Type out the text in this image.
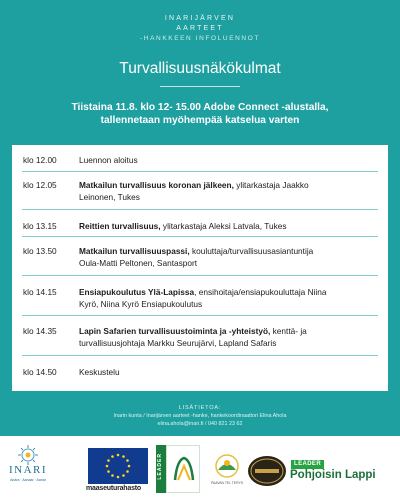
INARIJÄRVEN
AARTEET
-HANKKEEN INFOLUENNOT
Turvallisuusnäkökulmat
Tiistaina 11.8. klo 12- 15.00 Adobe Connect -alustalla,
tallennetaan myöhempää katselua varten
klo 12.00	Luennon aloitus
klo 12.05	Matkailun turvallisuus koronan jälkeen, ylitarkastaja Jaakko
Leinonen, Tukes
klo 13.15	Reittien turvallisuus, ylitarkastaja Aleksi Latvala, Tukes
klo 13.50	Matkailun turvallisuuspassi, kouluttaja/turvallisuusasiantuntija
Oula-Matti Peltonen, Santasport
klo 14.15	Ensiapukoulutus Ylä-Lapissa, ensihoitaja/ensiapukouluttaja Niina
Kyrö, Niina Kyrö Ensiapukoulutus
klo 14.35	Lapin Safarien turvallisuustoiminta ja -yhteistyö, kenttä- ja
turvallisuusjohtaja Markku Seurujärvi, Lapland Safaris
klo 14.50	Keskustelu
LISÄTIETOA:
Inarin kunta / Inarijärven aarteet -hanke, hankekoordinaattori Elina Ahola
elina.ahola@inari.fi / 040 821 23 62
INARI
Anára · Aanaar · Aanar
maaseuturahasto
LEADER
PAAVAN TEL TERYS
LEADER
Pohjoisin Lappi
